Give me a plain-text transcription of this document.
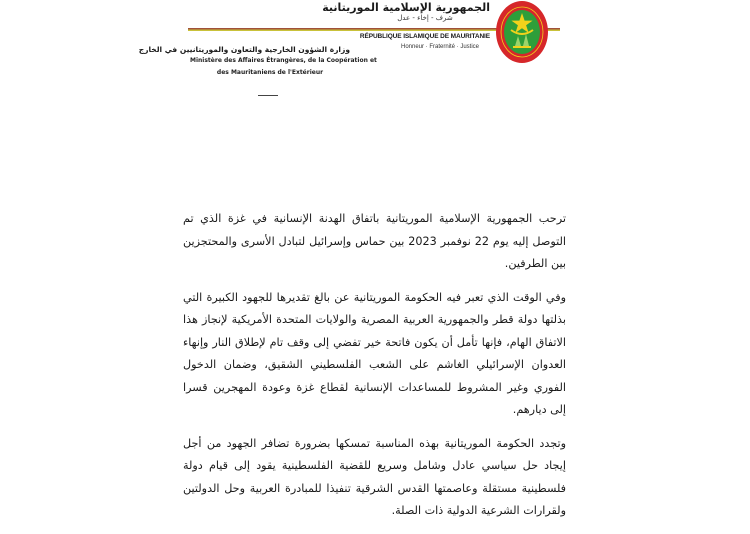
الجمهورية الإسلامية الموريتانية
شرف - إخاء - عدل
RÉPUBLIQUE ISLAMIQUE DE MAURITANIE
Honneur · Fraternité · Justice
وزارة الشؤون الخارجية والتعاون والموريتانيين في الخارج
Ministère des Affaires Étrangères, de la Coopération et
des Mauritaniens de l'Extérieur

ترحب الجمهورية الإسلامية الموريتانية باتفاق الهدنة الإنسانية في غزة الذي تم التوصل إليه يوم 22 نوفمبر 2023 بين حماس وإسرائيل لتبادل الأسرى والمحتجزين بين الطرفين.

وفي الوقت الذي تعبر فيه الحكومة الموريتانية عن بالغ تقديرها للجهود الكبيرة التي بذلتها دولة قطر والجمهورية العربية المصرية والولايات المتحدة الأمريكية لإنجاز هذا الاتفاق الهام، فإنها تأمل أن يكون فاتحة خير تفضي إلى وقف تام لإطلاق النار وإنهاء العدوان الإسرائيلي الغاشم على الشعب الفلسطيني الشقيق، وضمان الدخول الفوري وغير المشروط للمساعدات الإنسانية لقطاع غزة وعودة المهجرين قسرا إلى ديارهم.

وتجدد الحكومة الموريتانية بهذه المناسبة تمسكها بضرورة تضافر الجهود من أجل إيجاد حل سياسي عادل وشامل وسريع للقضية الفلسطينية يقود إلى قيام دولة فلسطينية مستقلة وعاصمتها القدس الشرقية تنفيذا للمبادرة العربية وحل الدولتين ولقرارات الشرعية الدولية ذات الصلة.
